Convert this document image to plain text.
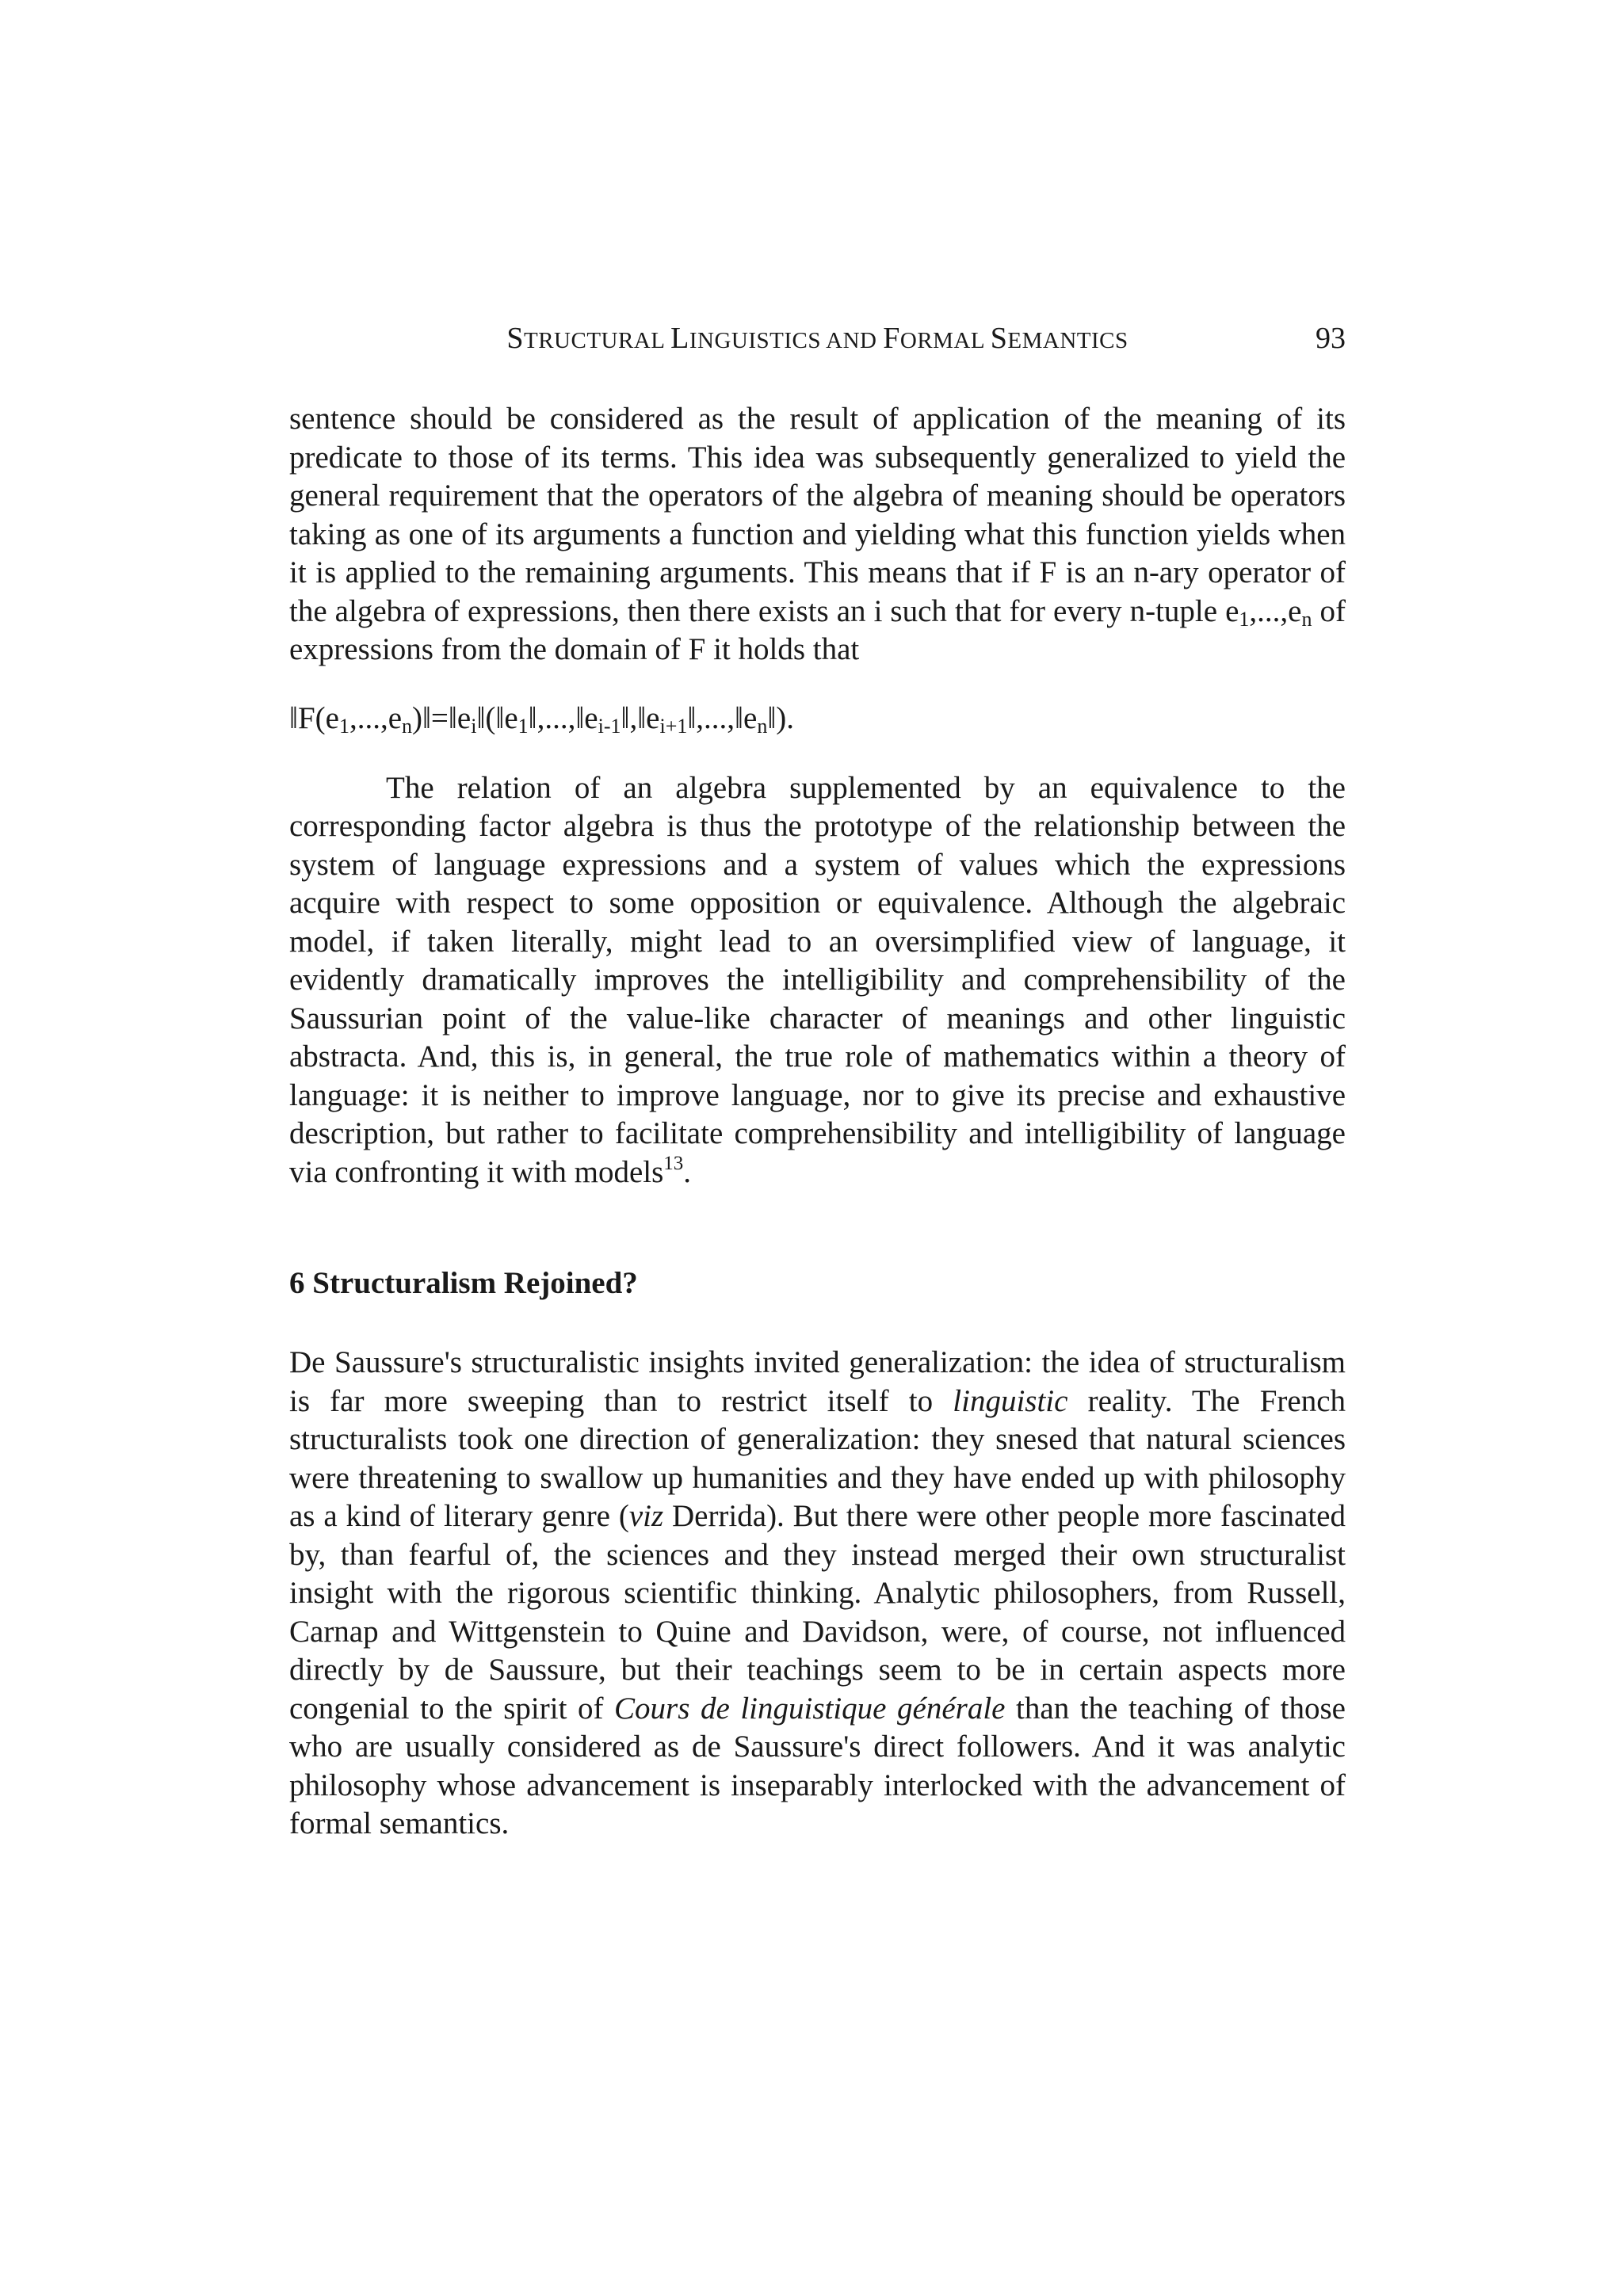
STRUCTURAL LINGUISTICS AND FORMAL SEMANTICS	93

sentence should be considered as the result of application of the meaning of its predicate to those of its terms. This idea was subsequently generalized to yield the general requirement that the operators of the algebra of meaning should be operators taking as one of its arguments a function and yielding what this function yields when it is applied to the remaining arguments. This means that if F is an n-ary operator of the algebra of expressions, then there exists an i such that for every n-tuple $e_1,...,e_n$ of expressions from the domain of F it holds that

$‖F(e_1,...,e_n)‖=‖e_i‖(‖e_1‖,...,‖e_{i-1}‖,‖e_{i+1}‖,...,‖e_n‖)$.

The relation of an algebra supplemented by an equivalence to the corresponding factor algebra is thus the prototype of the relationship between the system of language expressions and a system of values which the expressions acquire with respect to some opposition or equivalence. Although the algebraic model, if taken literally, might lead to an oversimplified view of language, it evidently dramatically improves the intelligibility and comprehensibility of the Saussurian point of the value-like character of meanings and other linguistic abstracta. And, this is, in general, the true role of mathematics within a theory of language: it is neither to improve language, nor to give its precise and exhaustive description, but rather to facilitate comprehensibility and intelligibility of language via confronting it with models$^{13}$.

6 Structuralism Rejoined?

De Saussure's structuralistic insights invited generalization: the idea of structuralism is far more sweeping than to restrict itself to linguistic reality. The French structuralists took one direction of generalization: they snesed that natural sciences were threatening to swallow up humanities and they have ended up with philosophy as a kind of literary genre (viz Derrida). But there were other people more fascinated by, than fearful of, the sciences and they instead merged their own structuralist insight with the rigorous scientific thinking. Analytic philosophers, from Russell, Carnap and Wittgenstein to Quine and Davidson, were, of course, not influenced directly by de Saussure, but their teachings seem to be in certain aspects more congenial to the spirit of Cours de linguistique générale than the teaching of those who are usually considered as de Saussure's direct followers. And it was analytic philosophy whose advancement is inseparably interlocked with the advancement of formal semantics.
